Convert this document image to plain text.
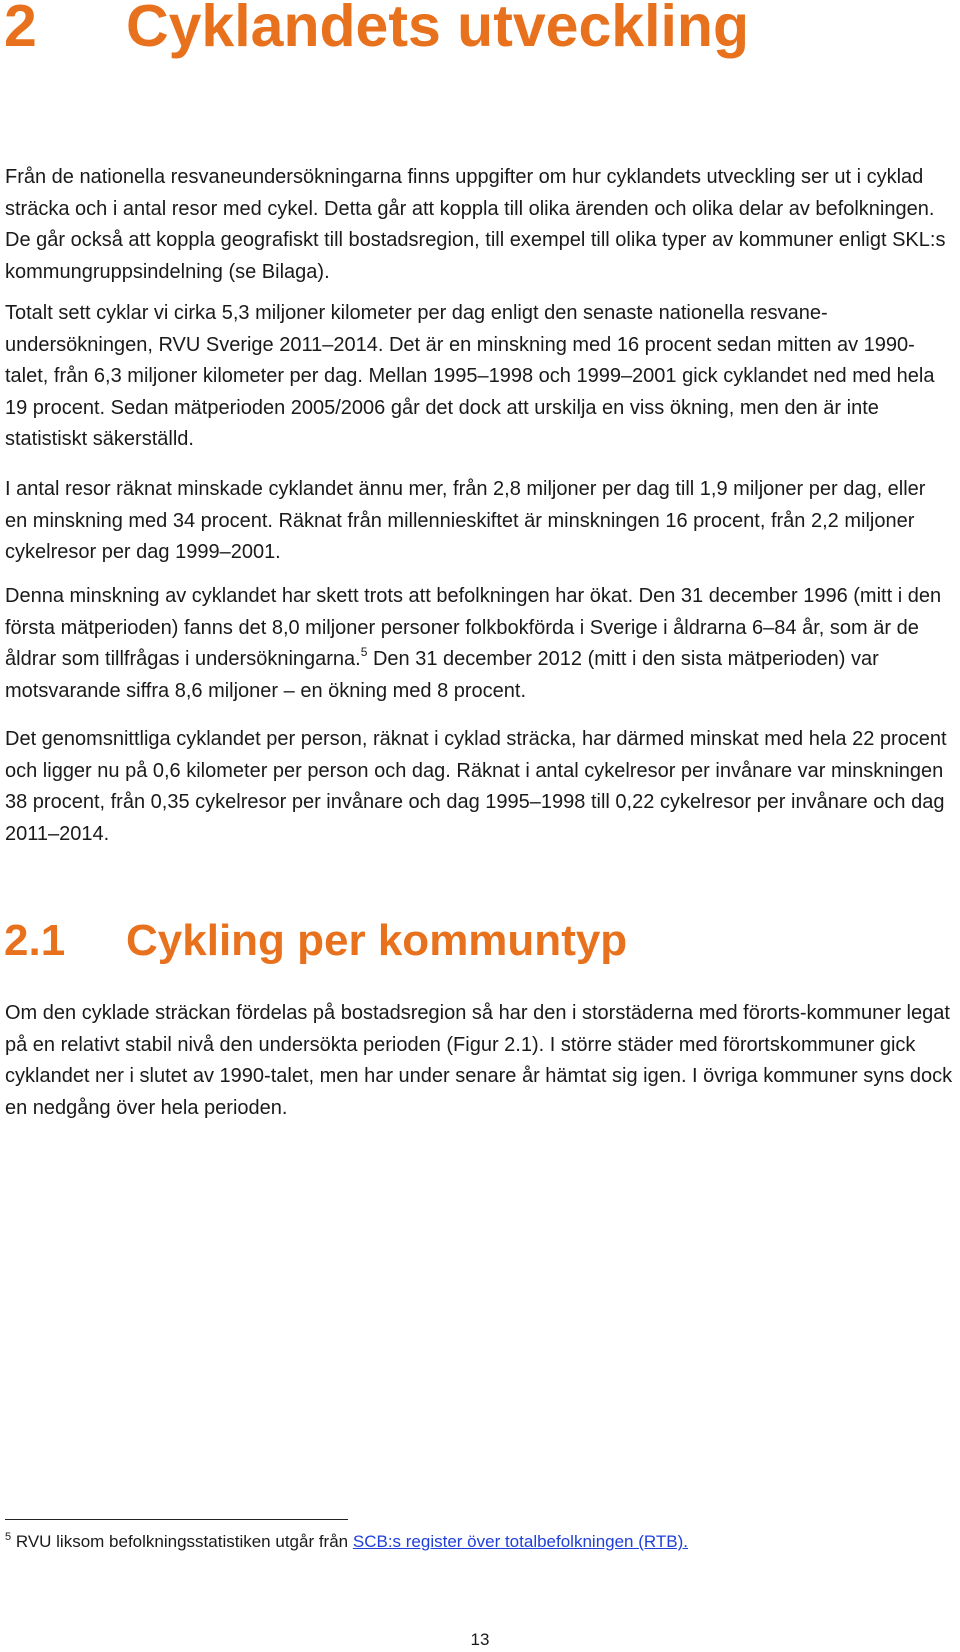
2 Cyklandets utveckling

Från de nationella resvaneundersökningarna finns uppgifter om hur cyklandets utveckling ser ut i cyklad sträcka och i antal resor med cykel. Detta går att koppla till olika ärenden och olika delar av befolkningen. De går också att koppla geografiskt till bostadsregion, till exempel till olika typer av kommuner enligt SKL:s kommungruppsindelning (se Bilaga).

Totalt sett cyklar vi cirka 5,3 miljoner kilometer per dag enligt den senaste nationella resvane-undersökningen, RVU Sverige 2011–2014. Det är en minskning med 16 procent sedan mitten av 1990-talet, från 6,3 miljoner kilometer per dag. Mellan 1995–1998 och 1999–2001 gick cyklandet ned med hela 19 procent. Sedan mätperioden 2005/2006 går det dock att urskilja en viss ökning, men den är inte statistiskt säkerställd.

I antal resor räknat minskade cyklandet ännu mer, från 2,8 miljoner per dag till 1,9 miljoner per dag, eller en minskning med 34 procent. Räknat från millennieskiftet är minskningen 16 procent, från 2,2 miljoner cykelresor per dag 1999–2001.

Denna minskning av cyklandet har skett trots att befolkningen har ökat. Den 31 december 1996 (mitt i den första mätperioden) fanns det 8,0 miljoner personer folkbokförda i Sverige i åldrarna 6–84 år, som är de åldrar som tillfrågas i undersökningarna.$^5$ Den 31 december 2012 (mitt i den sista mätperioden) var motsvarande siffra 8,6 miljoner – en ökning med 8 procent.

Det genomsnittliga cyklandet per person, räknat i cyklad sträcka, har därmed minskat med hela 22 procent och ligger nu på 0,6 kilometer per person och dag. Räknat i antal cykelresor per invånare var minskningen 38 procent, från 0,35 cykelresor per invånare och dag 1995–1998 till 0,22 cykelresor per invånare och dag 2011–2014.

2.1 Cykling per kommuntyp

Om den cyklade sträckan fördelas på bostadsregion så har den i storstäderna med förorts-kommuner legat på en relativt stabil nivå den undersökta perioden (Figur 2.1). I större städer med förortskommuner gick cyklandet ner i slutet av 1990-talet, men har under senare år hämtat sig igen. I övriga kommuner syns dock en nedgång över hela perioden.

$^5$ RVU liksom befolkningsstatistiken utgår från SCB:s register över totalbefolkningen (RTB).
13
